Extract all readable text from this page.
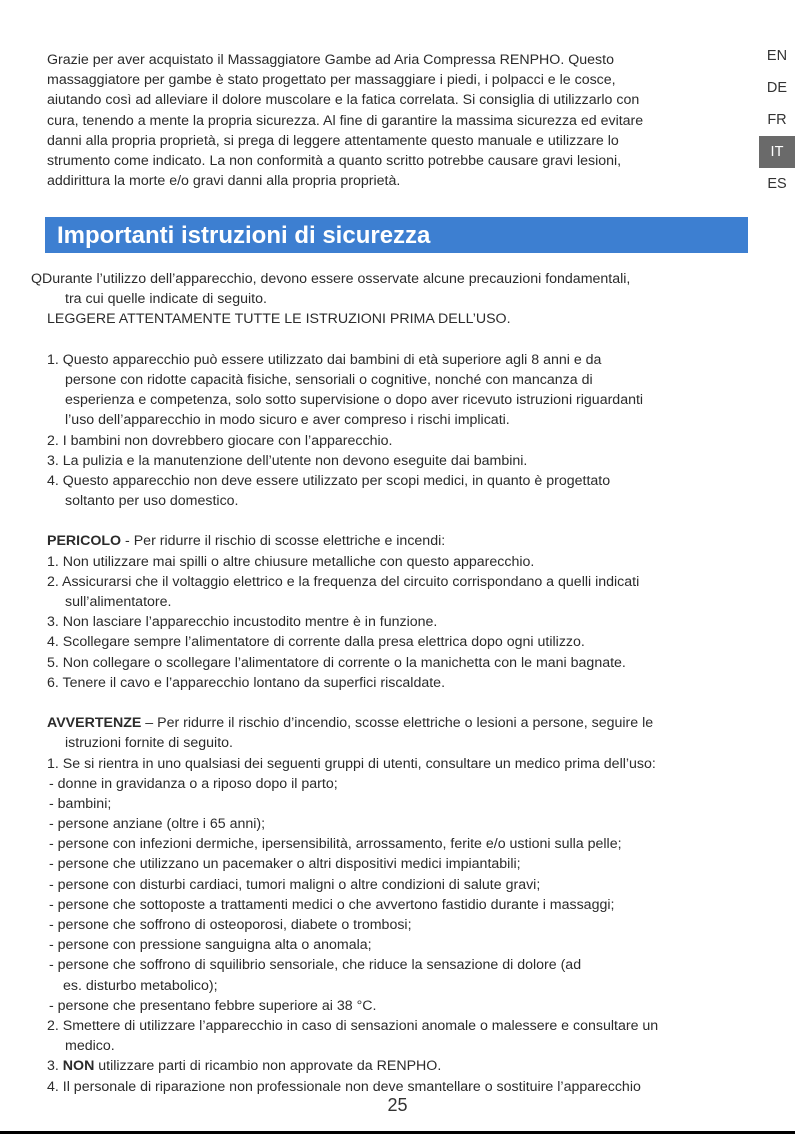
Grazie per aver acquistato il Massaggiatore Gambe ad Aria Compressa RENPHO. Questo
massaggiatore per gambe è stato progettato per massaggiare i piedi, i polpacci e le cosce,
aiutando così ad alleviare il dolore muscolare e la fatica correlata. Si consiglia di utilizzarlo con
cura, tenendo a mente la propria sicurezza. Al fine di garantire la massima sicurezza ed evitare
danni alla propria proprietà, si prega di leggere attentamente questo manuale e utilizzare lo
strumento come indicato. La non conformità a quanto scritto potrebbe causare gravi lesioni,
addirittura la morte e/o gravi danni alla propria proprietà.

EN
DE
FR
IT
ES
Importanti istruzioni di sicurezza
QDurante l’utilizzo dell’apparecchio, devono essere osservate alcune precauzioni fondamentali,
tra cui quelle indicate di seguito.
LEGGERE ATTENTAMENTE TUTTE LE ISTRUZIONI PRIMA DELL’USO.
1. Questo apparecchio può essere utilizzato dai bambini di età superiore agli 8 anni e da
persone con ridotte capacità fisiche, sensoriali o cognitive, nonché con mancanza di
esperienza e competenza, solo sotto supervisione o dopo aver ricevuto istruzioni riguardanti
l’uso dell’apparecchio in modo sicuro e aver compreso i rischi implicati.
2. I bambini non dovrebbero giocare con l’apparecchio.
3. La pulizia e la manutenzione dell’utente non devono eseguite dai bambini.
4. Questo apparecchio non deve essere utilizzato per scopi medici, in quanto è progettato
soltanto per uso domestico.
PERICOLO - Per ridurre il rischio di scosse elettriche e incendi:
1. Non utilizzare mai spilli o altre chiusure metalliche con questo apparecchio.
2. Assicurarsi che il voltaggio elettrico e la frequenza del circuito corrispondano a quelli indicati
sull’alimentatore.
3. Non lasciare l’apparecchio incustodito mentre è in funzione.
4. Scollegare sempre l’alimentatore di corrente dalla presa elettrica dopo ogni utilizzo.
5. Non collegare o scollegare l’alimentatore di corrente o la manichetta con le mani bagnate.
6. Tenere il cavo e l’apparecchio lontano da superfici riscaldate.
AVVERTENZE – Per ridurre il rischio d’incendio, scosse elettriche o lesioni a persone, seguire le
istruzioni fornite di seguito.
1. Se si rientra in uno qualsiasi dei seguenti gruppi di utenti, consultare un medico prima dell’uso:
- donne in gravidanza o a riposo dopo il parto;
- bambini;
- persone anziane (oltre i 65 anni);
- persone con infezioni dermiche, ipersensibilità, arrossamento, ferite e/o ustioni sulla pelle;
- persone che utilizzano un pacemaker o altri dispositivi medici impiantabili;
- persone con disturbi cardiaci, tumori maligni o altre condizioni di salute gravi;
- persone che sottoposte a trattamenti medici o che avvertono fastidio durante i massaggi;
- persone che soffrono di osteoporosi, diabete o trombosi;
- persone con pressione sanguigna alta o anomala;
- persone che soffrono di squilibrio sensoriale, che riduce la sensazione di dolore (ad
es. disturbo metabolico);
- persone che presentano febbre superiore ai 38 °C.
2. Smettere di utilizzare l’apparecchio in caso di sensazioni anomale o malessere e consultare un
medico.
3. NON utilizzare parti di ricambio non approvate da RENPHO.
4. Il personale di riparazione non professionale non deve smantellare o sostituire l’apparecchio
25
